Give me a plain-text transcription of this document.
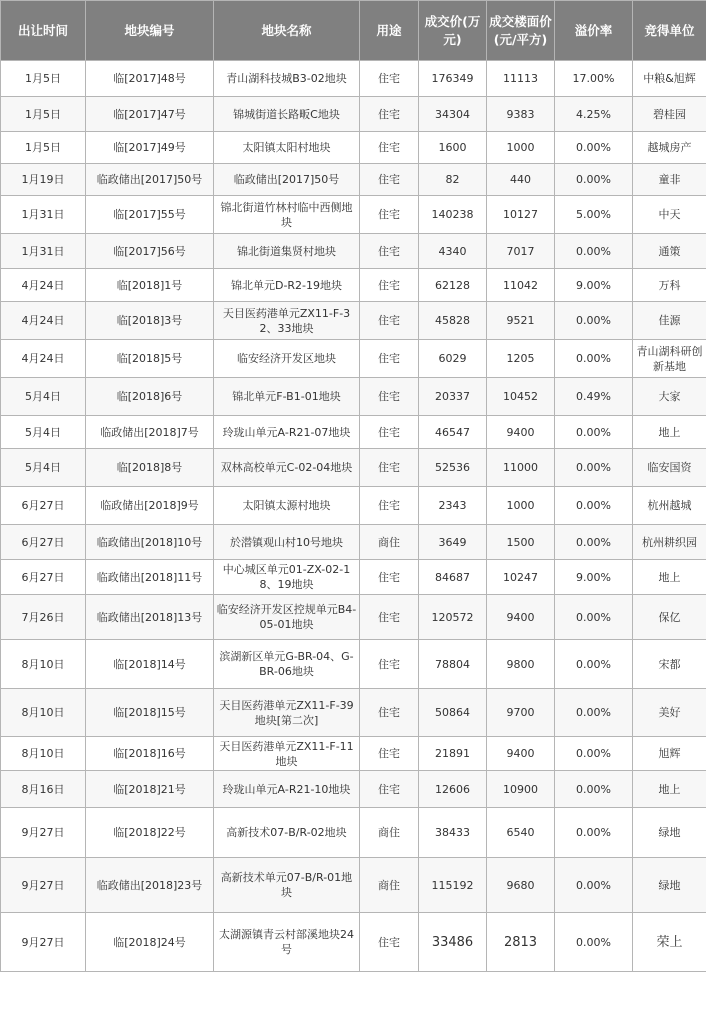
出让时间	地块编号	地块名称	用途	成交价(万元)	成交楼面价(元/平方)	溢价率	竞得单位
1月5日	临[2017]48号	青山湖科技城B3-02地块	住宅	176349	11113	17.00%	中粮&旭辉
1月5日	临[2017]47号	锦城街道长路畈C地块	住宅	34304	9383	4.25%	碧桂园
1月5日	临[2017]49号	太阳镇太阳村地块	住宅	1600	1000	0.00%	越城房产
1月19日	临政储出[2017]50号	临政储出[2017]50号	住宅	82	440	0.00%	童非
1月31日	临[2017]55号	锦北街道竹林村临中西侧地块	住宅	140238	10127	5.00%	中天
1月31日	临[2017]56号	锦北街道集贤村地块	住宅	4340	7017	0.00%	通策
4月24日	临[2018]1号	锦北单元D-R2-19地块	住宅	62128	11042	9.00%	万科
4月24日	临[2018]3号	天目医药港单元ZX11-F-32、33地块	住宅	45828	9521	0.00%	佳源
4月24日	临[2018]5号	临安经济开发区地块	住宅	6029	1205	0.00%	青山湖科研创新基地
5月4日	临[2018]6号	锦北单元F-B1-01地块	住宅	20337	10452	0.49%	大家
5月4日	临政储出[2018]7号	玲珑山单元A-R21-07地块	住宅	46547	9400	0.00%	地上
5月4日	临[2018]8号	双林高校单元C-02-04地块	住宅	52536	11000	0.00%	临安国资
6月27日	临政储出[2018]9号	太阳镇太源村地块	住宅	2343	1000	0.00%	杭州越城
6月27日	临政储出[2018]10号	於潜镇观山村10号地块	商住	3649	1500	0.00%	杭州耕织园
6月27日	临政储出[2018]11号	中心城区单元01-ZX-02-18、19地块	住宅	84687	10247	9.00%	地上
7月26日	临政储出[2018]13号	临安经济开发区控规单元B4-05-01地块	住宅	120572	9400	0.00%	保亿
8月10日	临[2018]14号	滨湖新区单元G-BR-04、G-BR-06地块	住宅	78804	9800	0.00%	宋都
8月10日	临[2018]15号	天目医药港单元ZX11-F-39地块[第二次]	住宅	50864	9700	0.00%	美好
8月10日	临[2018]16号	天目医药港单元ZX11-F-11地块	住宅	21891	9400	0.00%	旭辉
8月16日	临[2018]21号	玲珑山单元A-R21-10地块	住宅	12606	10900	0.00%	地上
9月27日	临[2018]22号	高新技术07-B/R-02地块	商住	38433	6540	0.00%	绿地
9月27日	临政储出[2018]23号	高新技术单元07-B/R-01地块	商住	115192	9680	0.00%	绿地
9月27日	临[2018]24号	太湖源镇青云村部溪地块24号	住宅	33486	2813	0.00%	荣上
